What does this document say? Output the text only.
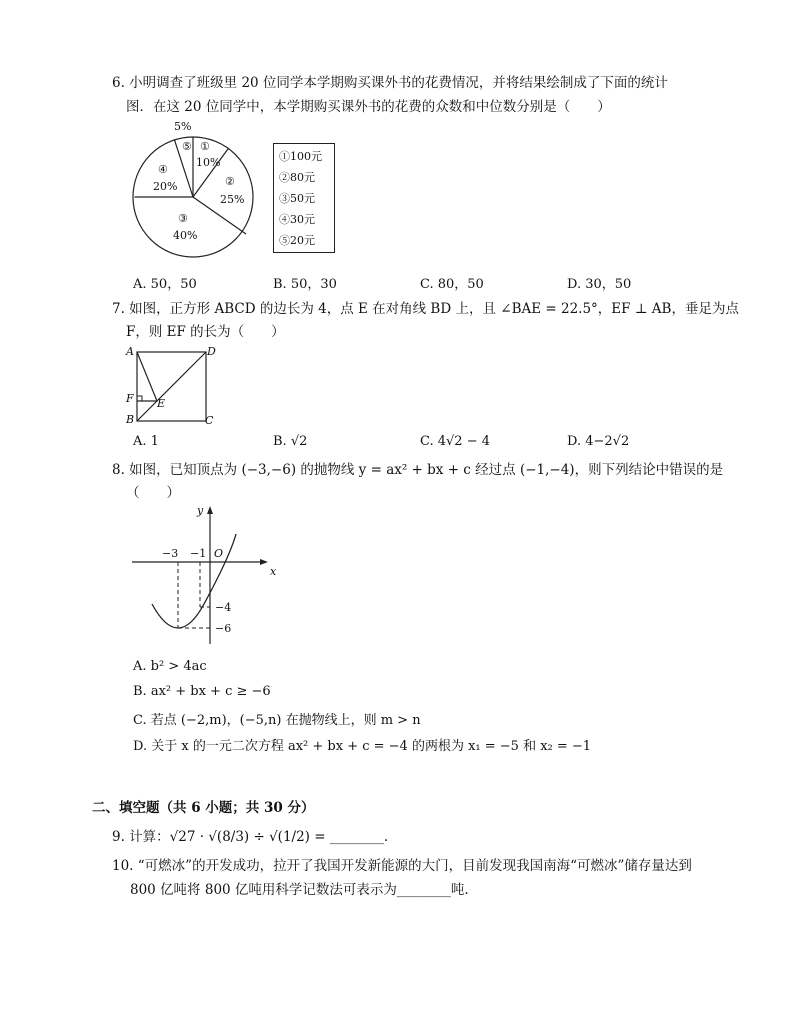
6. 小明调查了班级里 20 位同学本学期购买课外书的花费情况，并将结果绘制成了下面的统计
图．在这 20 位同学中，本学期购买课外书的花费的众数和中位数分别是（　　）
5%
⑤ ①
10%
②
25%
④
20%
③
40%
①100元
②80元
③50元
④30元
⑤20元
A. 50，50	B. 50，30	C. 80，50	D. 30，50
7. 如图，正方形 ABCD 的边长为 4，点 E 在对角线 BD 上，且 ∠BAE = 22.5°，EF ⊥ AB，垂足为点
F，则 EF 的长为（　　）
A	D
B	C
F E
A. 1	B. √2	C. 4√2 − 4	D. 4−2√2
8. 如图，已知顶点为 (−3,−6) 的抛物线 y = ax² + bx + c 经过点 (−1,−4)，则下列结论中错误的是
（　　）
y
x
O
−3 −1
−4
−6
A. b² > 4ac
B. ax² + bx + c ≥ −6
C. 若点 (−2,m)，(−5,n) 在抛物线上，则 m > n
D. 关于 x 的一元二次方程 ax² + bx + c = −4 的两根为 x₁ = −5 和 x₂ = −1
二、填空题（共 6 小题；共 30 分）
9. 计算：√27 · √(8/3) ÷ √(1/2) = ________.
10. “可燃冰”的开发成功，拉开了我国开发新能源的大门，目前发现我国南海“可燃冰”储存量达到
800 亿吨将 800 亿吨用科学记数法可表示为________吨.
